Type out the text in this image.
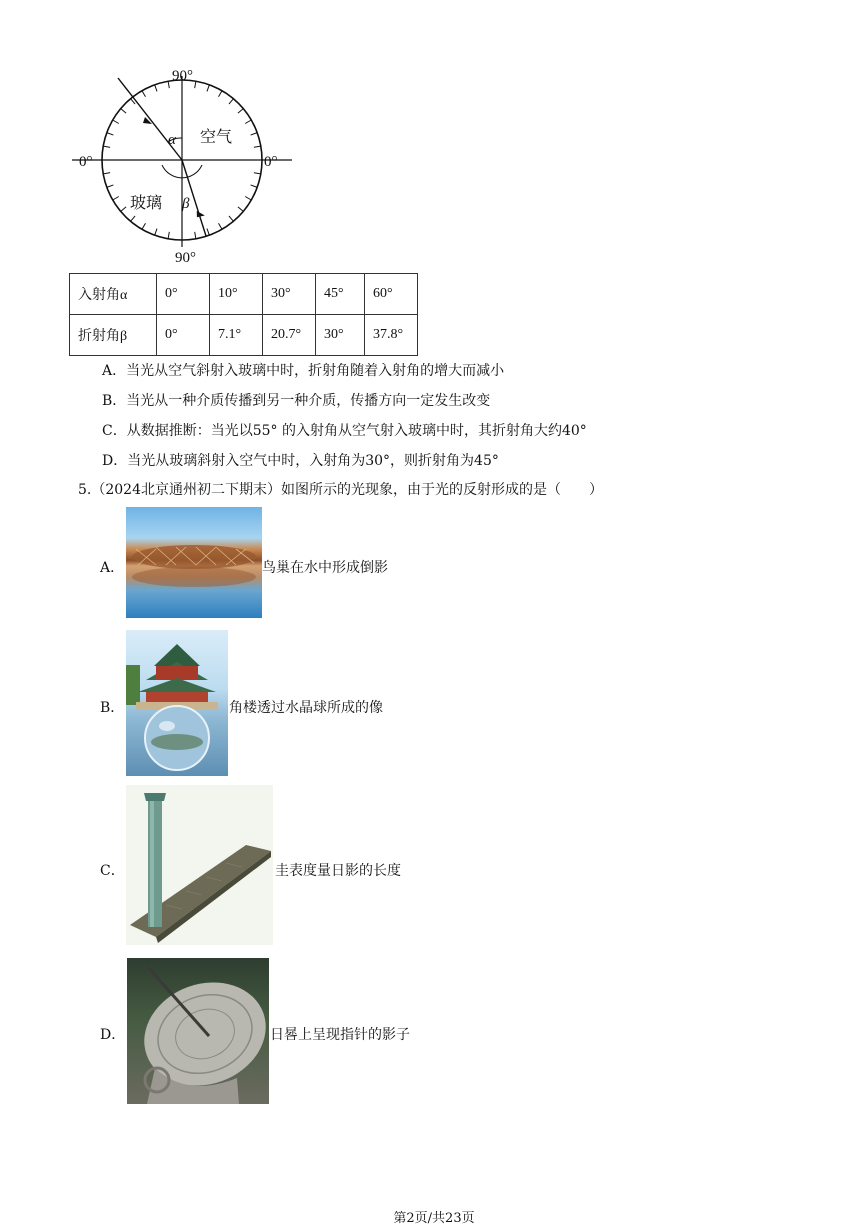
90°
90°
0°	0°
空气
玻璃
α
β
入射角α	0°	10°	30°	45°	60°
折射角β	0°	7.1°	20.7°	30°	37.8°
A．当光从空气斜射入玻璃中时，折射角随着入射角的增大而减小
B．当光从一种介质传播到另一种介质，传播方向一定发生改变
C．从数据推断：当光以55° 的入射角从空气射入玻璃中时，其折射角大约40°
D．当光从玻璃斜射入空气中时，入射角为30°，则折射角为45°
5.（2024北京通州初二下期末）如图所示的光现象，由于光的反射形成的是（　　）
A．	鸟巢在水中形成倒影
B．	角楼透过水晶球所成的像
C．	圭表度量日影的长度
D．	日晷上呈现指针的影子
第2页/共23页
